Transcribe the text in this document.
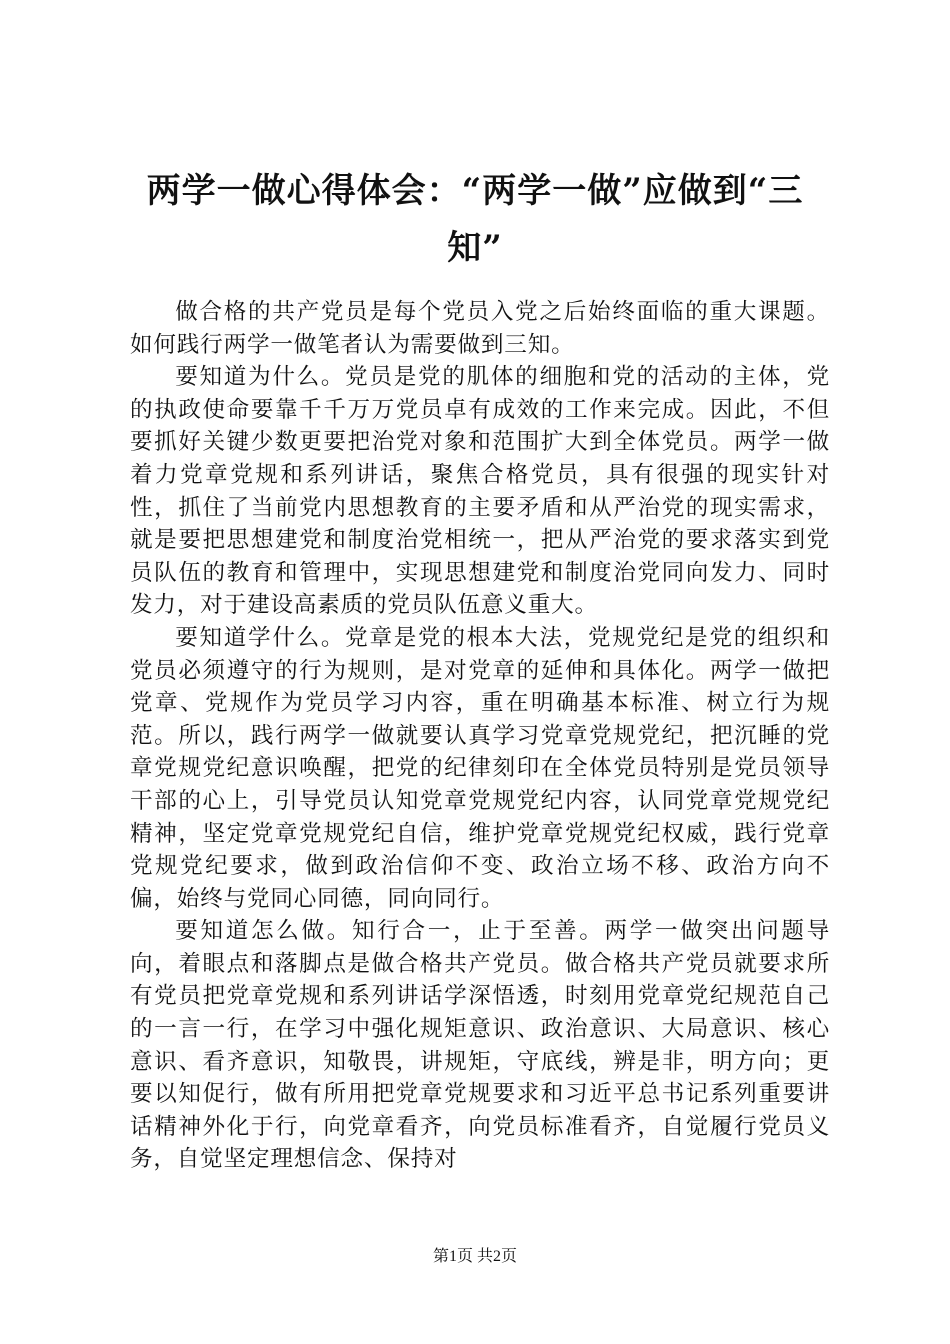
两学一做心得体会：“两学一做”应做到“三知”

做合格的共产党员是每个党员入党之后始终面临的重大课题。如何践行两学一做笔者认为需要做到三知。

要知道为什么。党员是党的肌体的细胞和党的活动的主体，党的执政使命要靠千千万万党员卓有成效的工作来完成。因此，不但要抓好关键少数更要把治党对象和范围扩大到全体党员。两学一做着力党章党规和系列讲话，聚焦合格党员，具有很强的现实针对性，抓住了当前党内思想教育的主要矛盾和从严治党的现实需求，就是要把思想建党和制度治党相统一，把从严治党的要求落实到党员队伍的教育和管理中，实现思想建党和制度治党同向发力、同时发力，对于建设高素质的党员队伍意义重大。

要知道学什么。党章是党的根本大法，党规党纪是党的组织和党员必须遵守的行为规则，是对党章的延伸和具体化。两学一做把党章、党规作为党员学习内容，重在明确基本标准、树立行为规范。所以，践行两学一做就要认真学习党章党规党纪，把沉睡的党章党规党纪意识唤醒，把党的纪律刻印在全体党员特别是党员领导干部的心上，引导党员认知党章党规党纪内容，认同党章党规党纪精神，坚定党章党规党纪自信，维护党章党规党纪权威，践行党章党规党纪要求，做到政治信仰不变、政治立场不移、政治方向不偏，始终与党同心同德，同向同行。

要知道怎么做。知行合一，止于至善。两学一做突出问题导向，着眼点和落脚点是做合格共产党员。做合格共产党员就要求所有党员把党章党规和系列讲话学深悟透，时刻用党章党纪规范自己的一言一行，在学习中强化规矩意识、政治意识、大局意识、核心意识、看齐意识，知敬畏，讲规矩，守底线，辨是非，明方向；更要以知促行，做有所用把党章党规要求和习近平总书记系列重要讲话精神外化于行，向党章看齐，向党员标准看齐，自觉履行党员义务，自觉坚定理想信念、保持对

第1页 共2页
